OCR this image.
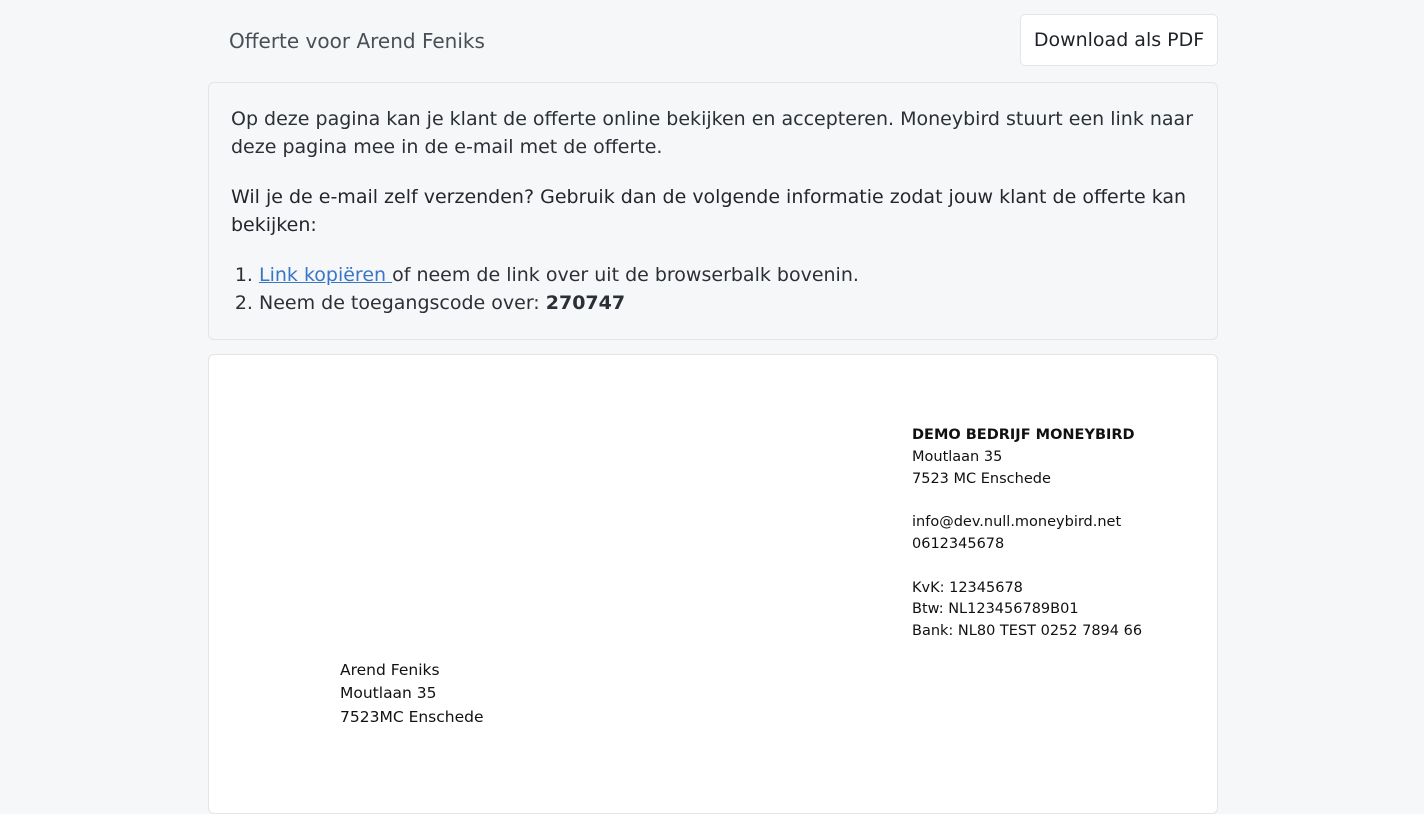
Offerte voor Arend Feniks	Download als PDF

Op deze pagina kan je klant de offerte online bekijken en accepteren. Moneybird stuurt een link naar deze pagina mee in de e-mail met de offerte.

Wil je de e-mail zelf verzenden? Gebruik dan de volgende informatie zodat jouw klant de offerte kan bekijken:

1. Link kopiëren of neem de link over uit de browserbalk bovenin.
2. Neem de toegangscode over: 270747
DEMO BEDRIJF MONEYBIRD
Moutlaan 35
7523 MC Enschede
info@dev.null.moneybird.net
0612345678
KvK: 12345678
Btw: NL123456789B01
Bank: NL80 TEST 0252 7894 66
Arend Feniks
Moutlaan 35
7523MC Enschede
